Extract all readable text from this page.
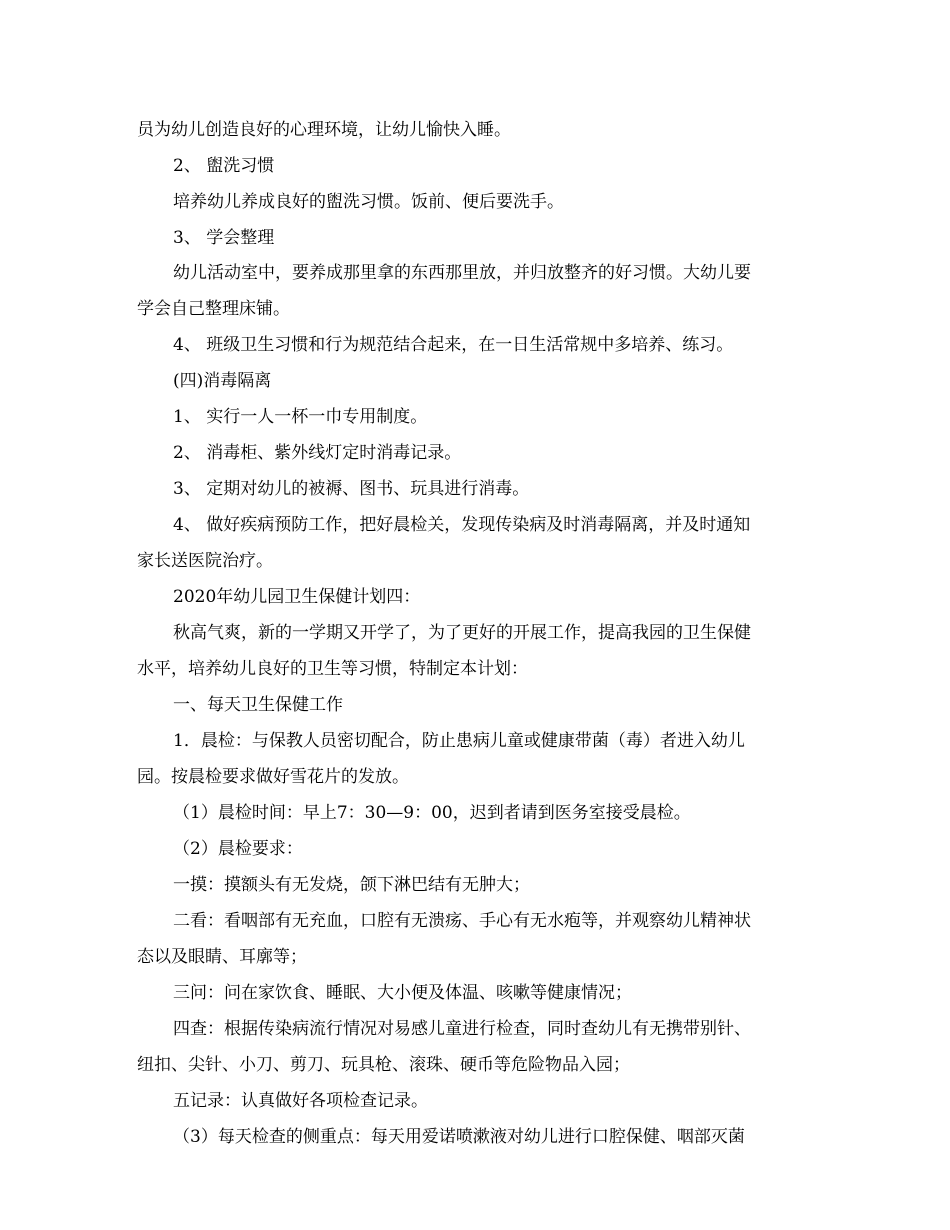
员为幼儿创造良好的心理环境，让幼儿愉快入睡。
2、 盥洗习惯
培养幼儿养成良好的盥洗习惯。饭前、便后要洗手。
3、 学会整理
幼儿活动室中，要养成那里拿的东西那里放，并归放整齐的好习惯。大幼儿要
学会自己整理床铺。
4、 班级卫生习惯和行为规范结合起来，在一日生活常规中多培养、练习。
(四)消毒隔离
1、 实行一人一杯一巾专用制度。
2、 消毒柜、紫外线灯定时消毒记录。
3、 定期对幼儿的被褥、图书、玩具进行消毒。
4、 做好疾病预防工作，把好晨检关，发现传染病及时消毒隔离，并及时通知
家长送医院治疗。
2020年幼儿园卫生保健计划四：
秋高气爽，新的一学期又开学了，为了更好的开展工作，提高我园的卫生保健
水平，培养幼儿良好的卫生等习惯，特制定本计划：
一、每天卫生保健工作
1．晨检：与保教人员密切配合，防止患病儿童或健康带菌（毒）者进入幼儿
园。按晨检要求做好雪花片的发放。
（1）晨检时间：早上7：30—9：00，迟到者请到医务室接受晨检。
（2）晨检要求：
一摸：摸额头有无发烧，颌下淋巴结有无肿大；
二看：看咽部有无充血，口腔有无溃疡、手心有无水疱等，并观察幼儿精神状
态以及眼睛、耳廓等；
三问：问在家饮食、睡眠、大小便及体温、咳嗽等健康情况；
四查：根据传染病流行情况对易感儿童进行检查，同时查幼儿有无携带别针、
纽扣、尖针、小刀、剪刀、玩具枪、滚珠、硬币等危险物品入园；
五记录：认真做好各项检查记录。
（3）每天检查的侧重点：每天用爱诺喷漱液对幼儿进行口腔保健、咽部灭菌
